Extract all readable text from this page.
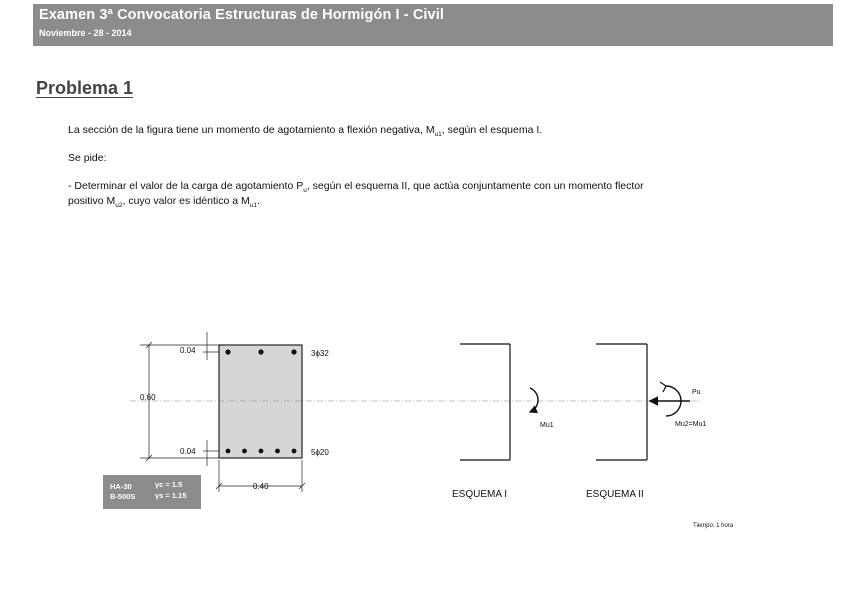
Examen 3ª Convocatoria Estructuras de Hormigón I - Civil
Noviembre - 28 - 2014
Problema 1
La sección de la figura tiene un momento de agotamiento a flexión negativa, $M_{u1}$, según el esquema I.
Se pide:
- Determinar el valor de la carga de agotamiento $P_u$, según el esquema II, que actúa conjuntamente con un momento flector
positivo $M_{u2}$, cuyo valor es idéntico a $M_{u1}$.
0.04
0.60
0.04
0.40
3ϕ32
5ϕ20
HA-30
B-500S
γc = 1.5
γs = 1.15
Mu1
ESQUEMA I
Pu
Mu2=Mu1
ESQUEMA II
Tiempo: 1 hora
